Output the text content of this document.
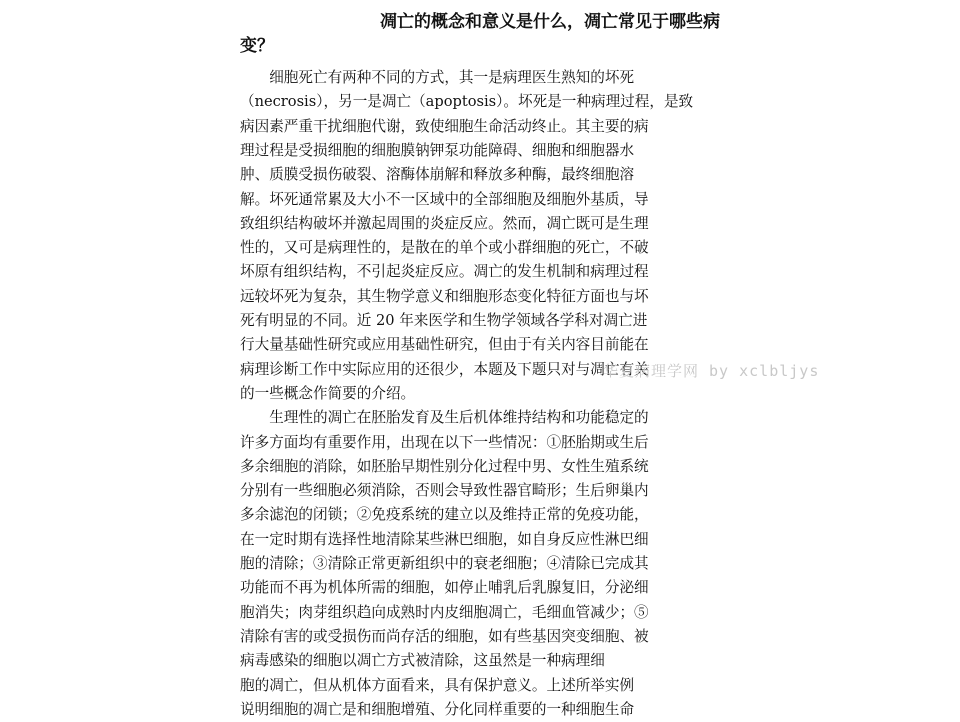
凋亡的概念和意义是什么，凋亡常见于哪些病
变？

细胞死亡有两种不同的方式，其一是病理医生熟知的坏死

（necrosis），另一是凋亡（apoptosis）。坏死是一种病理过程，是致

病因素严重干扰细胞代谢，致使细胞生命活动终止。其主要的病

理过程是受损细胞的细胞膜钠钾泵功能障碍、细胞和细胞器水

肿、质膜受损伤破裂、溶酶体崩解和释放多种酶，最终细胞溶

解。坏死通常累及大小不一区域中的全部细胞及细胞外基质，导

致组织结构破坏并激起周围的炎症反应。然而，凋亡既可是生理

性的，又可是病理性的，是散在的单个或小群细胞的死亡，不破

坏原有组织结构，不引起炎症反应。凋亡的发生机制和病理过程

远较坏死为复杂，其生物学意义和细胞形态变化特征方面也与坏

死有明显的不同。近 20 年来医学和生物学领域各学科对凋亡进

行大量基础性研究或应用基础性研究，但由于有关内容目前能在

病理诊断工作中实际应用的还很少，本题及下题只对与凋亡有关

的一些概念作简要的介绍。

生理性的凋亡在胚胎发育及生后机体维持结构和功能稳定的

许多方面均有重要作用，出现在以下一些情况：①胚胎期或生后

多余细胞的消除，如胚胎早期性别分化过程中男、女性生殖系统

分别有一些细胞必须消除，否则会导致性器官畸形；生后卵巢内

多余滤泡的闭锁；②免疫系统的建立以及维持正常的免疫功能，

在一定时期有选择性地清除某些淋巴细胞，如自身反应性淋巴细

胞的清除；③清除正常更新组织中的衰老细胞；④清除已完成其

功能而不再为机体所需的细胞，如停止哺乳后乳腺复旧，分泌细

胞消失；肉芽组织趋向成熟时内皮细胞凋亡，毛细血管减少；⑤

清除有害的或受损伤而尚存活的细胞，如有些基因突变细胞、被

病毒感染的细胞以凋亡方式被清除，这虽然是一种病理细

胞的凋亡，但从机体方面看来，具有保护意义。上述所举实例

说明细胞的凋亡是和细胞增殖、分化同样重要的一种细胞生命

华夏病理学网 by xclbljys
